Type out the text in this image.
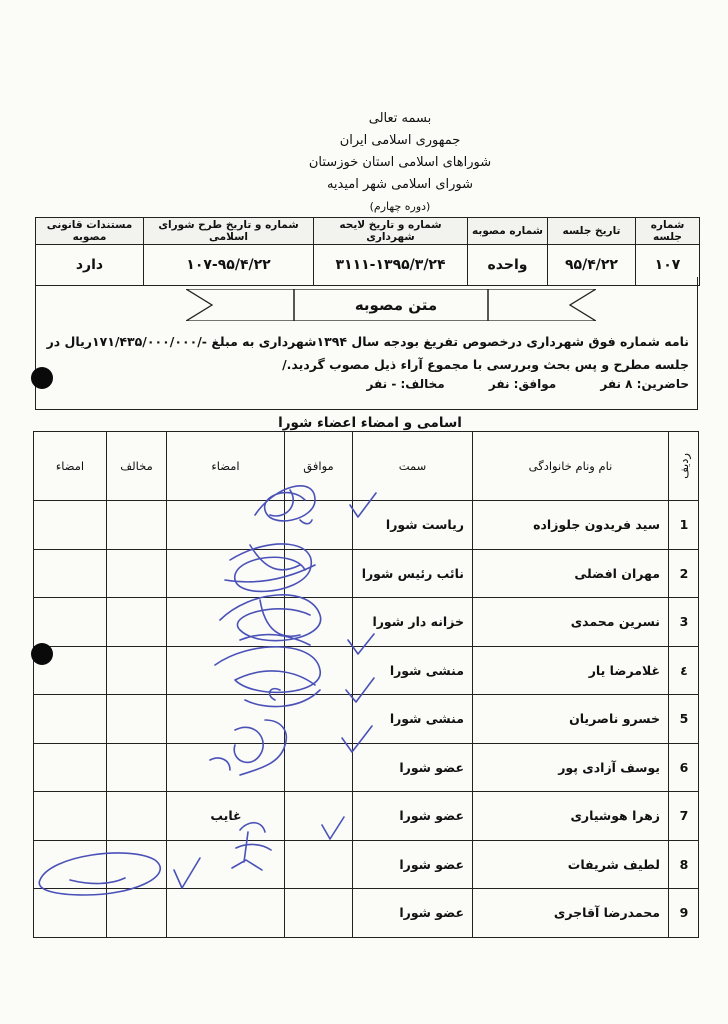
بسمه تعالی
جمهوری اسلامی ایران
شوراهای اسلامی استان خوزستان
شورای اسلامی شهر امیدیه
(دوره چهارم)
شماره جلسه	تاریخ جلسه	شماره مصوبه	شماره و تاریخ لایحه شهرداری	شماره و تاریخ طرح شورای اسلامی	مستندات قانونی مصوبه
۱۰۷	۹۵/۴/۲۲	واحده	۳۱۱۱-۱۳۹۵/۳/۲۴	۱۰۷-۹۵/۴/۲۲	دارد
متن مصوبه
نامه شماره فوق شهرداری درخصوص تفریغ بودجه سال ۱۳۹۴شهرداری به مبلغ -/۱۷۱/۴۳۵/۰۰۰/۰۰۰ریال در جلسه مطرح و پس بحث وبررسی با مجموع آراء ذیل مصوب گردید./
حاضرین: ۸ نفر موافق: نفر مخالف: - نفر
اسامی و امضاء اعضاء شورا
ردیف	نام ونام خانوادگی	سمت	موافق	امضاء	مخالف	امضاء
1	سید فریدون جلوزاده	ریاست شورا				
2	مهران افضلی	نائب رئیس شورا				
3	نسرین محمدی	خزانه دار شورا				
٤	غلامرضا یار	منشی شورا				
5	خسرو ناصریان	منشی شورا				
6	یوسف آزادی پور	عضو شورا				
7	زهرا هوشیاری	عضو شورا		غایب		
8	لطیف شریفات	عضو شورا				
9	محمدرضا آقاجری	عضو شورا				
